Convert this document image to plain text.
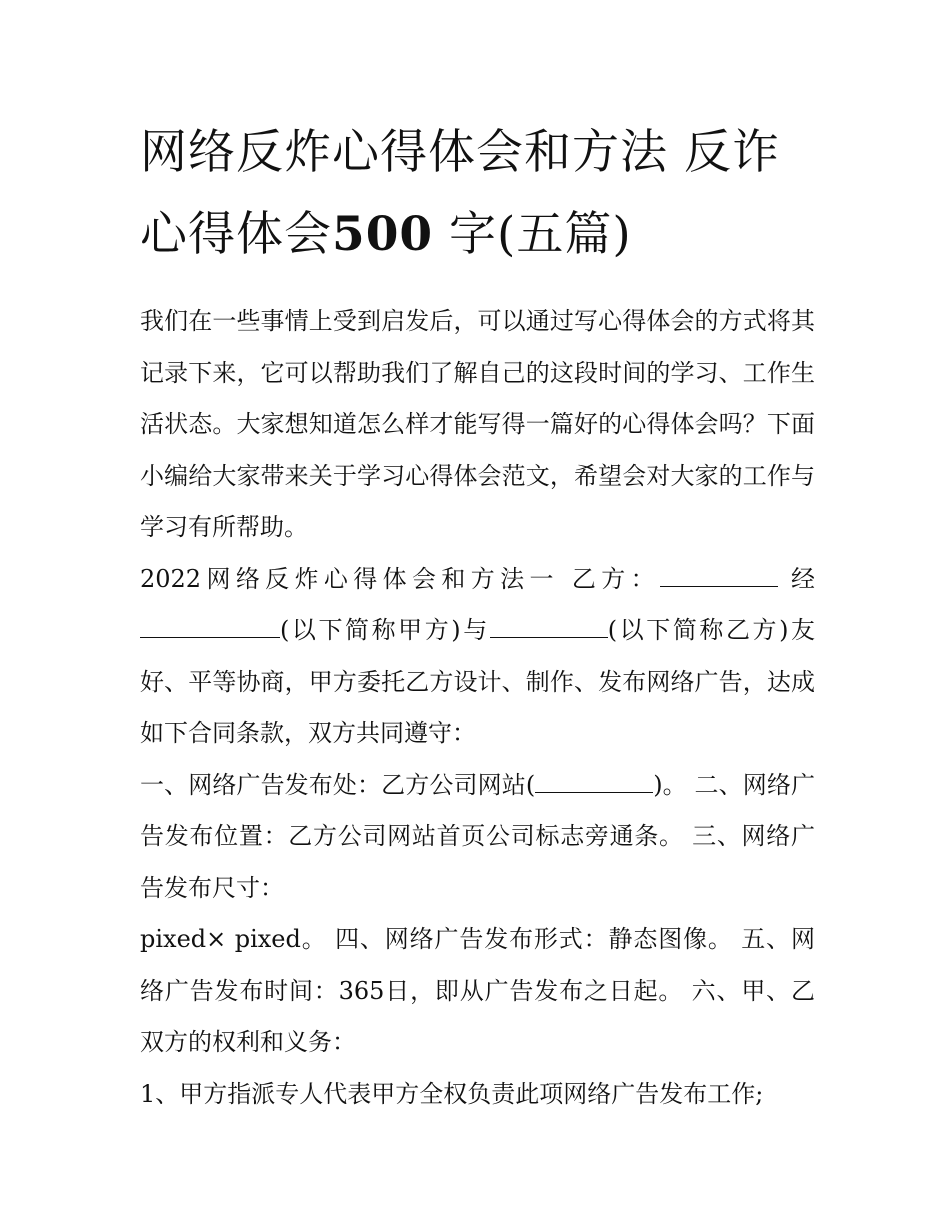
网络反炸心得体会和方法 反诈心得体会500 字(五篇)

我们在一些事情上受到启发后，可以通过写心得体会的方式将其记录下来，它可以帮助我们了解自己的这段时间的学习、工作生活状态。大家想知道怎么样才能写得一篇好的心得体会吗？下面小编给大家带来关于学习心得体会范文，希望会对大家的工作与学习有所帮助。

2022网络反炸心得体会和方法一 乙方：	经(以下简称甲方)与	(以下简称乙方)友好、平等协商，甲方委托乙方设计、制作、发布网络广告，达成如下合同条款，双方共同遵守：

一、网络广告发布处：乙方公司网站(	)。 二、网络广告发布位置：乙方公司网站首页公司标志旁通条。 三、网络广告发布尺寸：

pixed× pixed。 四、网络广告发布形式：静态图像。 五、网络广告发布时间：365日，即从广告发布之日起。 六、甲、乙双方的权利和义务：

1、甲方指派专人代表甲方全权负责此项网络广告发布工作;
